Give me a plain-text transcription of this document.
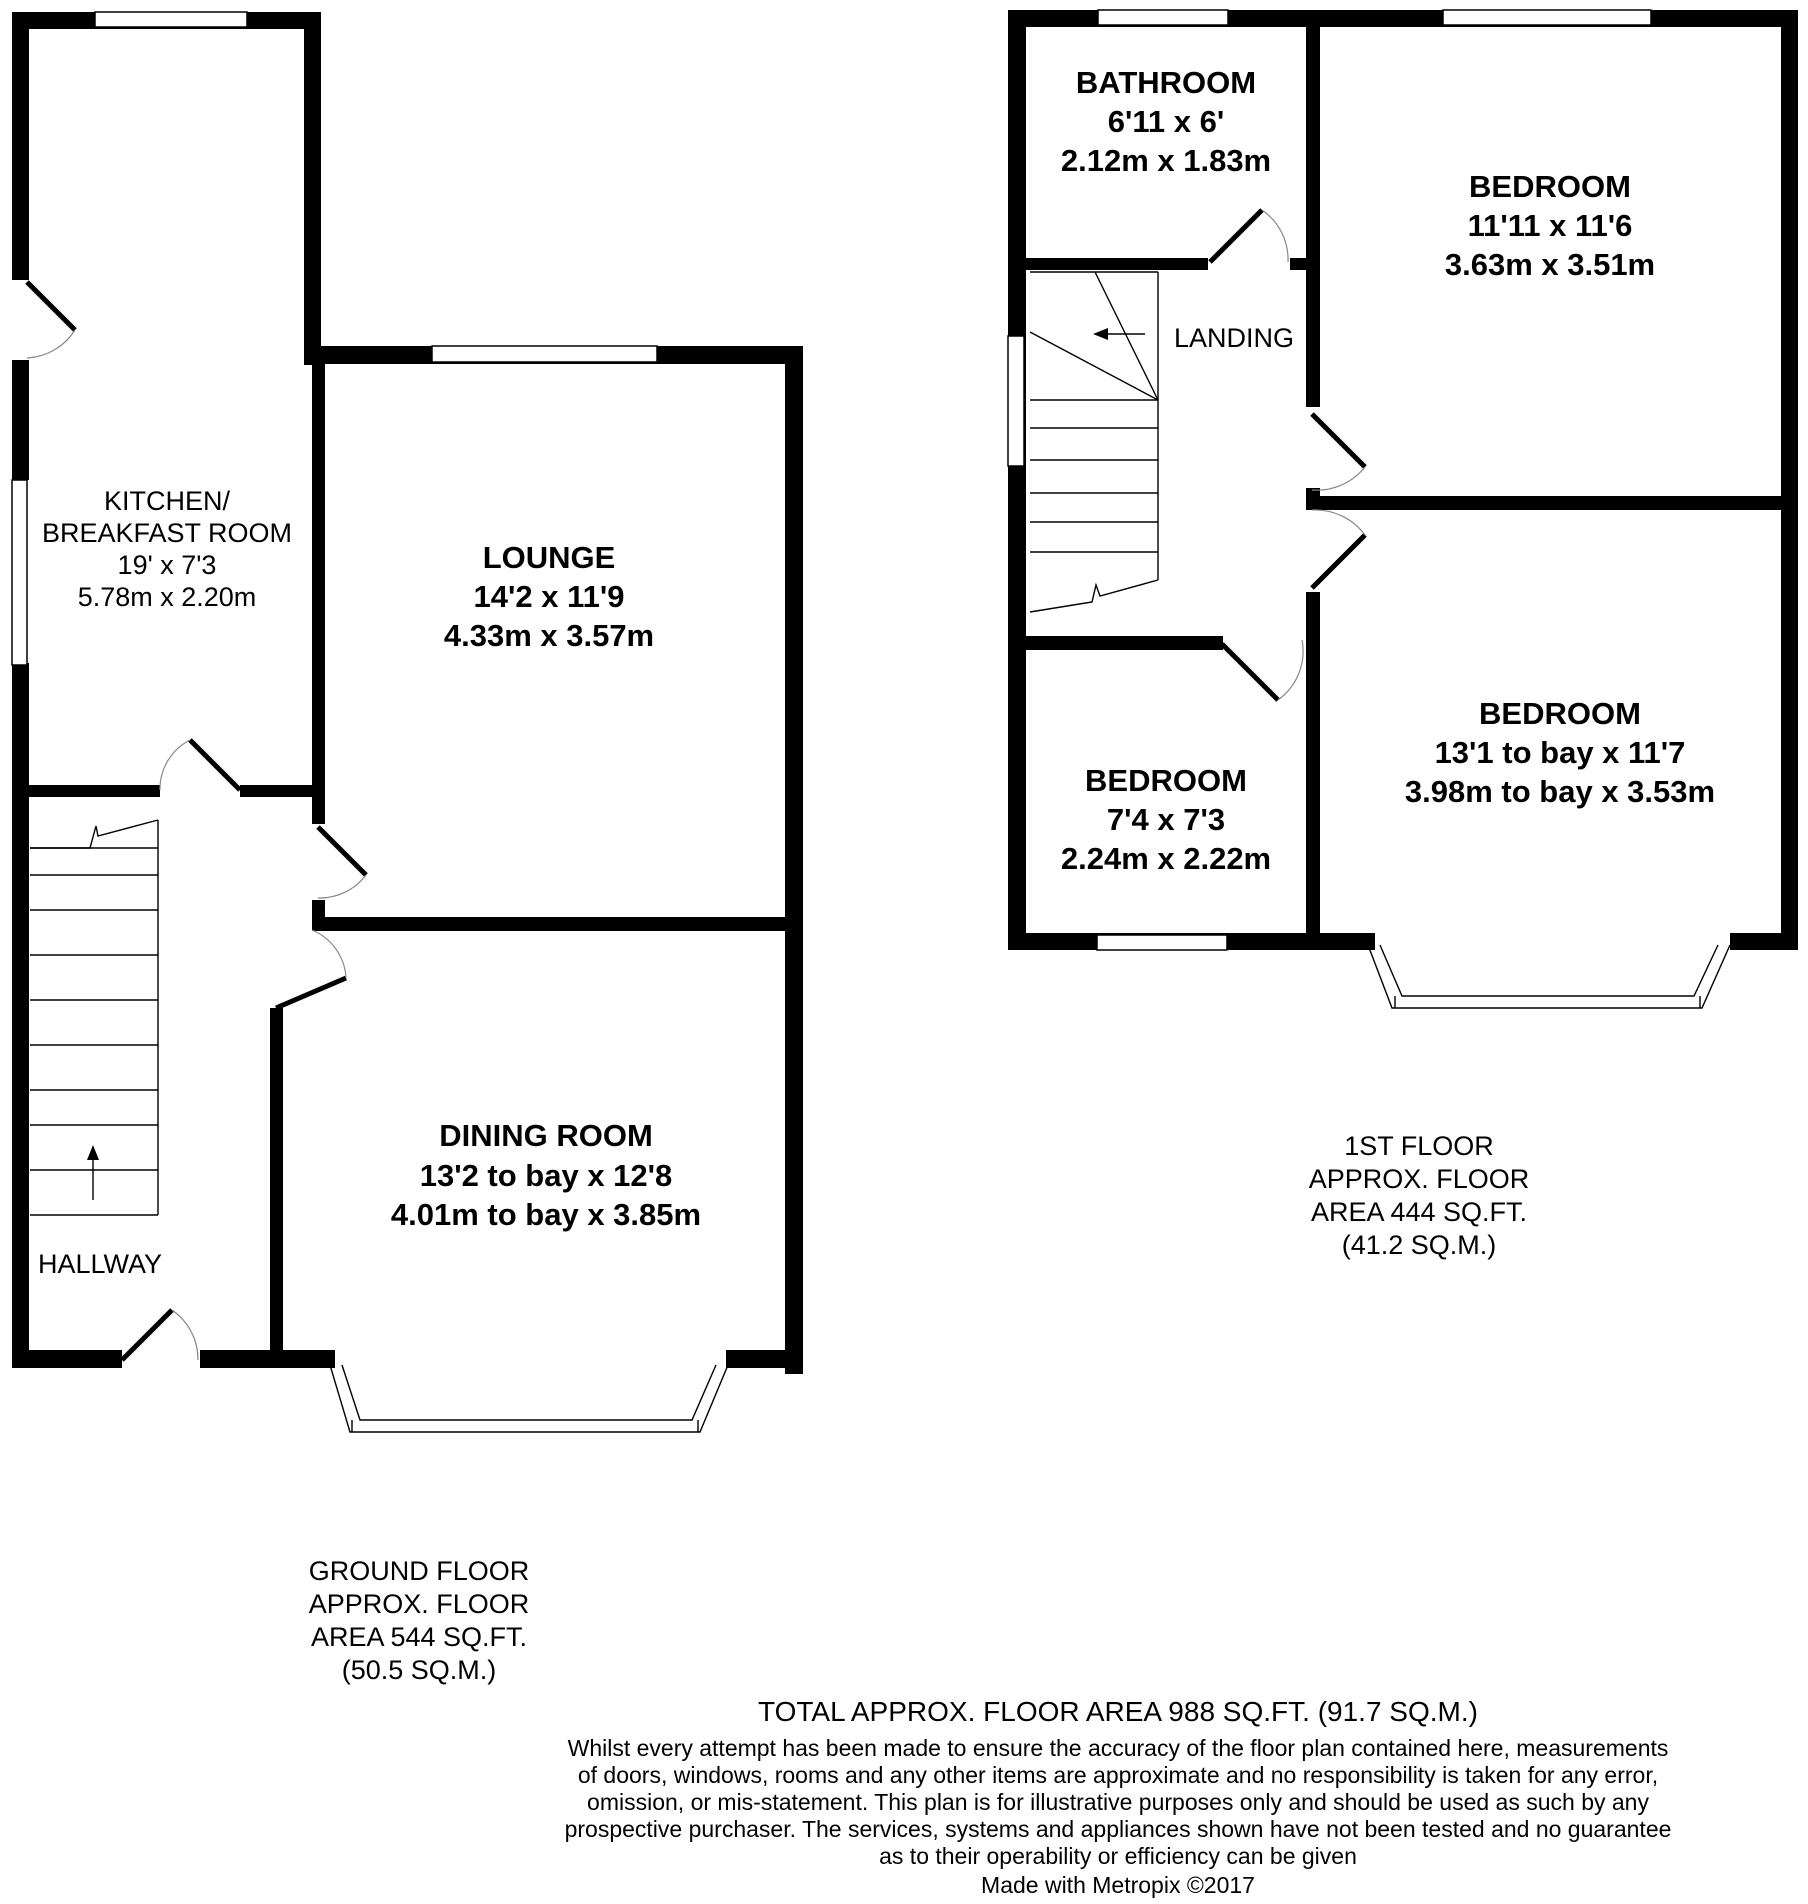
KITCHEN/
BREAKFAST ROOM
19' x 7'3
5.78m x 2.20m
LOUNGE
14'2 x 11'9
4.33m x 3.57m
DINING ROOM
13'2 to bay x 12'8
4.01m to bay x 3.85m
HALLWAY
BATHROOM
6'11 x 6'
2.12m x 1.83m
BEDROOM
11'11 x 11'6
3.63m x 3.51m
LANDING
BEDROOM
13'1 to bay x 11'7
3.98m to bay x 3.53m
BEDROOM
7'4 x 7'3
2.24m x 2.22m
1ST FLOOR
APPROX. FLOOR
AREA 444 SQ.FT.
(41.2 SQ.M.)
GROUND FLOOR
APPROX. FLOOR
AREA 544 SQ.FT.
(50.5 SQ.M.)
TOTAL APPROX. FLOOR AREA 988 SQ.FT. (91.7 SQ.M.)
Whilst every attempt has been made to ensure the accuracy of the floor plan contained here, measurements
of doors, windows, rooms and any other items are approximate and no responsibility is taken for any error,
omission, or mis-statement. This plan is for illustrative purposes only and should be used as such by any
prospective purchaser. The services, systems and appliances shown have not been tested and no guarantee
as to their operability or efficiency can be given
Made with Metropix ©2017
